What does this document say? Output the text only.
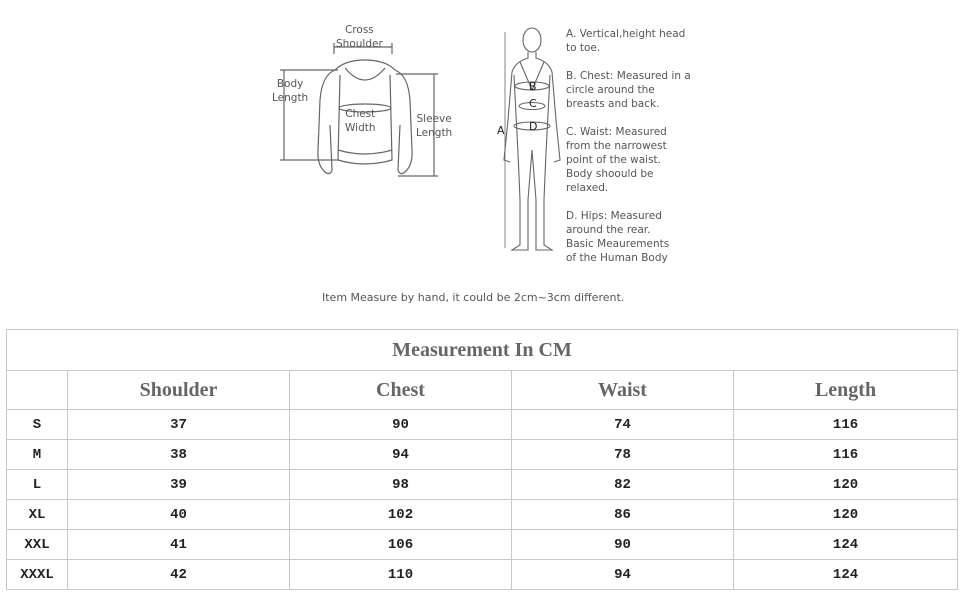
Cross
Shoulder
Body
Length
Chest
Width
Sleeve
Length	A
B
C
D
A. Vertical,height head
to toe.
B. Chest: Measured in a
circle around the
breasts and back.
C. Waist: Measured
from the narrowest
point of the waist.
Body shoould be
relaxed.
D. Hips: Measured
around the rear.
Basic Meaurements
of the Human Body
Item Measure by hand, it could be 2cm~3cm different.
Measurement In CM				
	Shoulder	Chest	Waist	Length
S	37	90	74	116
M	38	94	78	116
L	39	98	82	120
XL	40	102	86	120
XXL	41	106	90	124
XXXL	42	110	94	124
